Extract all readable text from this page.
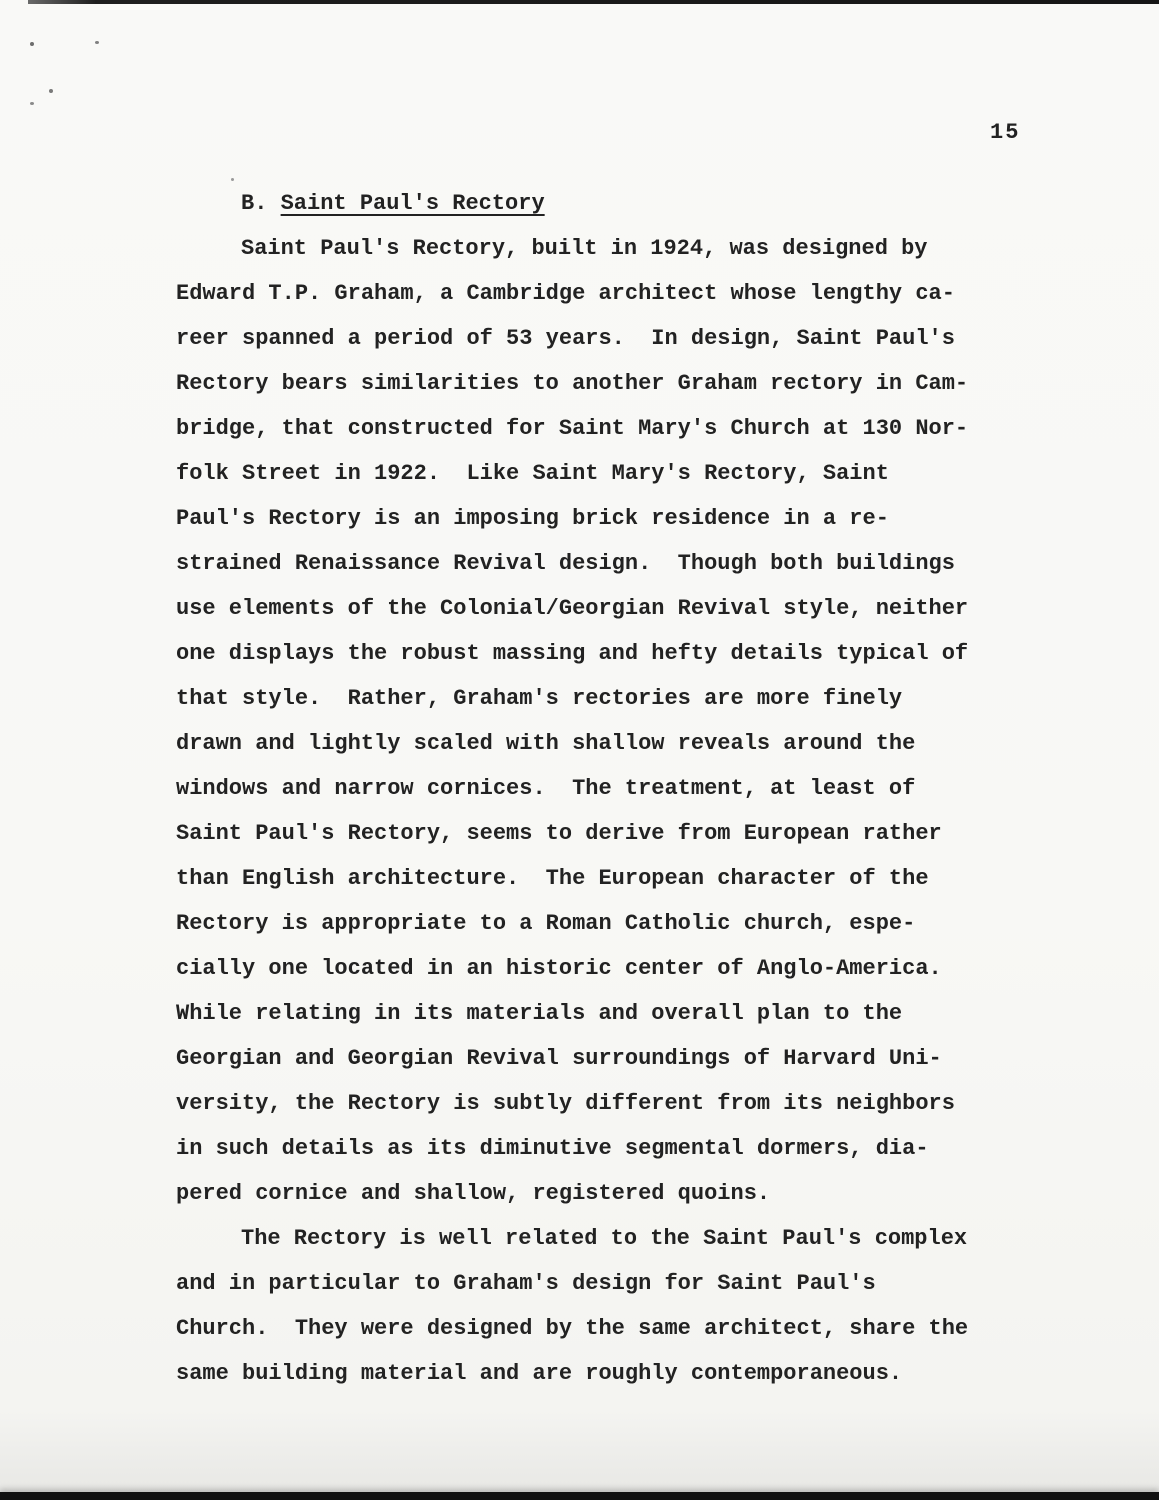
15
B. Saint Paul's Rectory
Saint Paul's Rectory, built in 1924, was designed by
Edward T.P. Graham, a Cambridge architect whose lengthy ca-
reer spanned a period of 53 years.  In design, Saint Paul's
Rectory bears similarities to another Graham rectory in Cam-
bridge, that constructed for Saint Mary's Church at 130 Nor-
folk Street in 1922.  Like Saint Mary's Rectory, Saint
Paul's Rectory is an imposing brick residence in a re-
strained Renaissance Revival design.  Though both buildings
use elements of the Colonial/Georgian Revival style, neither
one displays the robust massing and hefty details typical of
that style.  Rather, Graham's rectories are more finely
drawn and lightly scaled with shallow reveals around the
windows and narrow cornices.  The treatment, at least of
Saint Paul's Rectory, seems to derive from European rather
than English architecture.  The European character of the
Rectory is appropriate to a Roman Catholic church, espe-
cially one located in an historic center of Anglo-America.
While relating in its materials and overall plan to the
Georgian and Georgian Revival surroundings of Harvard Uni-
versity, the Rectory is subtly different from its neighbors
in such details as its diminutive segmental dormers, dia-
pered cornice and shallow, registered quoins.
The Rectory is well related to the Saint Paul's complex
and in particular to Graham's design for Saint Paul's
Church.  They were designed by the same architect, share the
same building material and are roughly contemporaneous.
